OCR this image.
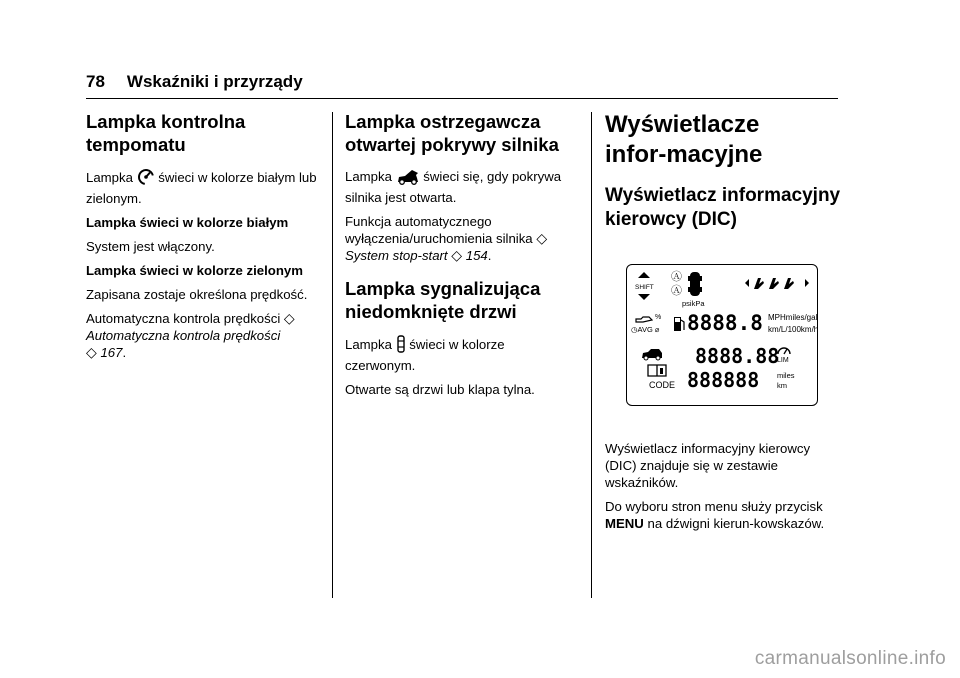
78 Wskaźniki i przyrządy
Lampka kontrolna tempomatu
Lampka świeci w kolorze białym lub zielonym.
Lampka świeci w kolorze białym
System jest włączony.
Lampka świeci w kolorze zielonym
Zapisana zostaje określona prędkość.
Automatyczna kontrola prędkości ◇
Automatyczna kontrola prędkości
◇ 167.
Lampka ostrzegawcza otwartej pokrywy silnika
Lampka świeci się, gdy pokrywa silnika jest otwarta.
Funkcja automatycznego
wyłączenia/uruchomienia silnika ◇
System stop-start ◇ 154.
Lampka sygnalizująca niedomknięte drzwi
Lampka świeci w kolorze czerwonym.
Otwarte są drzwi lub klapa tylna.
Wyświetlacze infor-macyjne
Wyświetlacz informacyjny kierowcy (DIC)
SHIFT
Ⓐ
Ⓐ
psikPa
%
◷AVG ⌀ 8888.8 MPHmiles/gal
km/L/100km/h
8888.88
LIM
CODE 888888 miles
km
Wyświetlacz informacyjny kierowcy (DIC) znajduje się w zestawie wskaźników.
Do wyboru stron menu służy przycisk MENU na dźwigni kierun-kowskazów.
carmanualsonline.info
